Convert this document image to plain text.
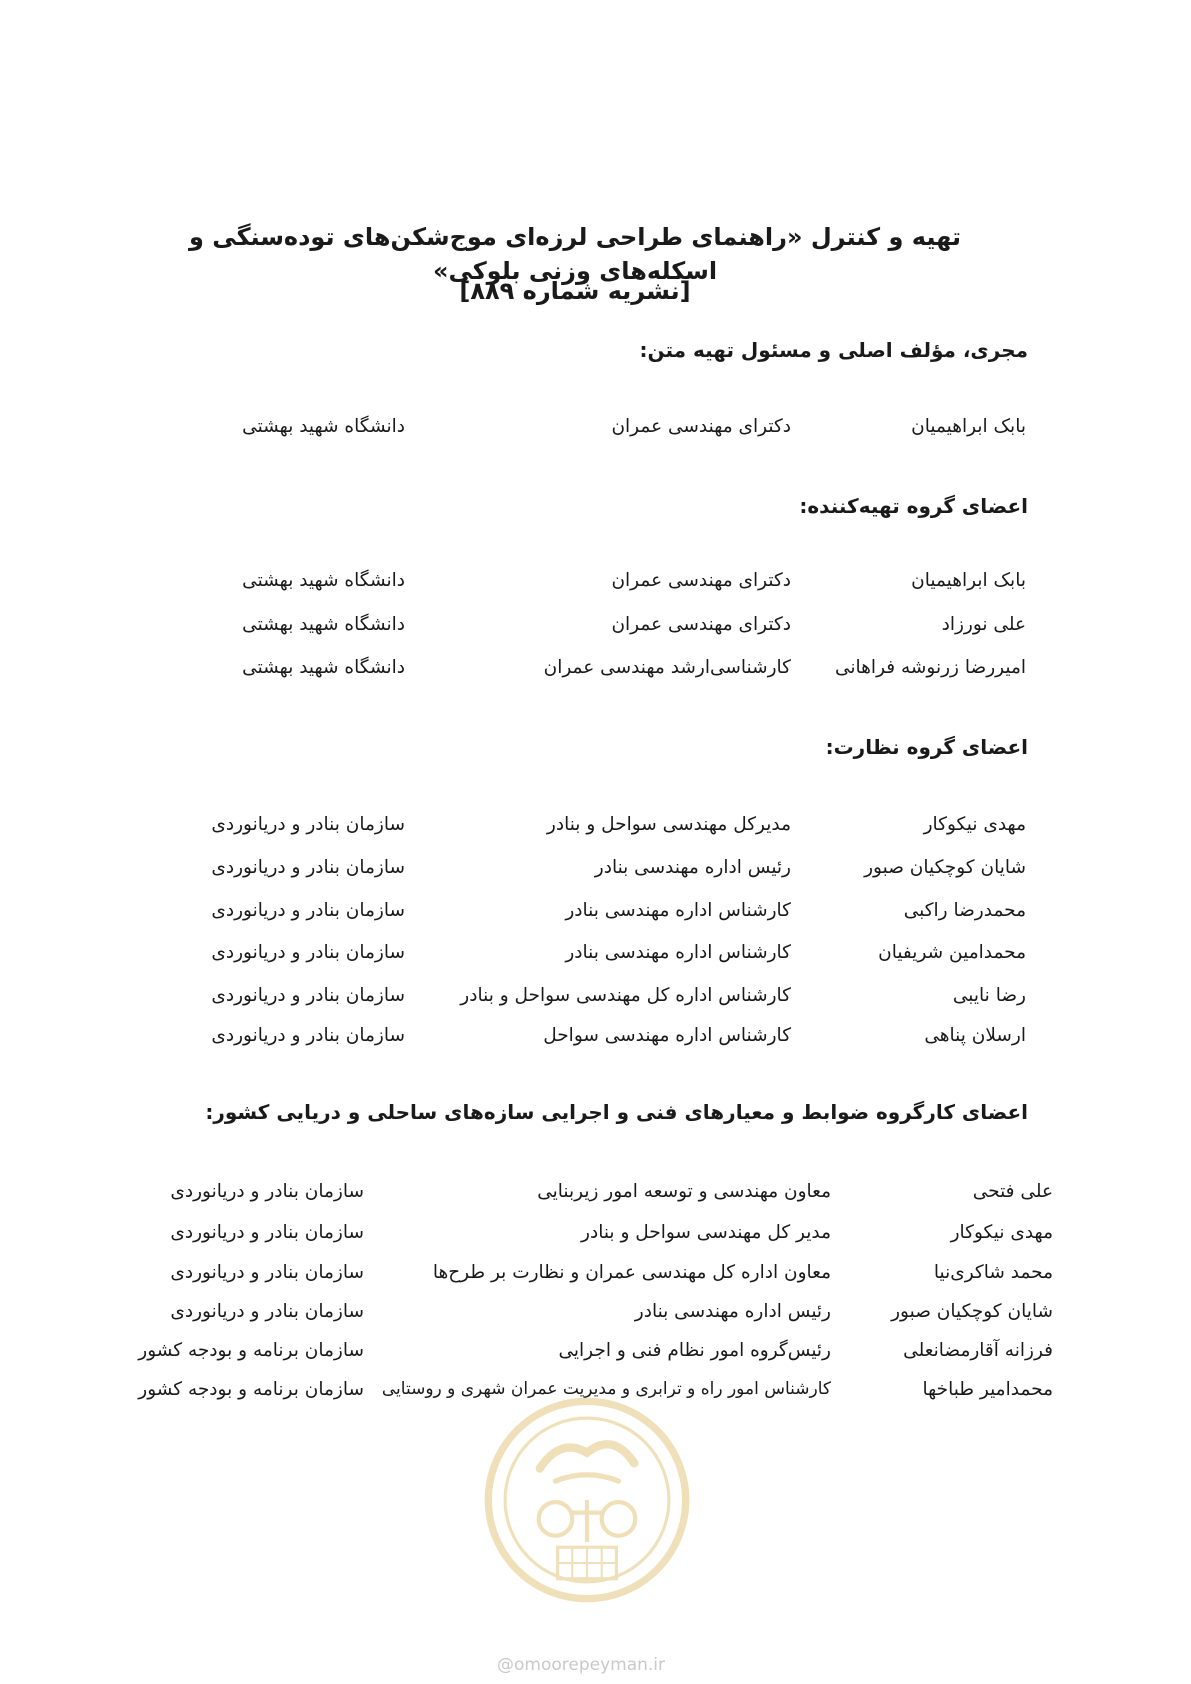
تهیه و کنترل «راهنمای طراحی لرزه‌ای موج‌شکن‌های توده‌سنگی و اسکله‌های وزنی بلوکی»
[نشریه شماره ۸۸۹]
مجری، مؤلف اصلی و مسئول تهیه متن:
بابک ابراهیمیان
دکترای مهندسی عمران
دانشگاه شهید بهشتی
اعضای گروه تهیه‌کننده:
بابک ابراهیمیان
دکترای مهندسی عمران
دانشگاه شهید بهشتی
علی نورزاد
دکترای مهندسی عمران
دانشگاه شهید بهشتی
امیررضا زرنوشه فراهانی
کارشناسی‌ارشد مهندسی عمران
دانشگاه شهید بهشتی
اعضای گروه نظارت:
مهدی نیکوکار
مدیرکل مهندسی سواحل و بنادر
سازمان بنادر و دریانوردی
شایان کوچکیان صبور
رئیس اداره مهندسی بنادر
سازمان بنادر و دریانوردی
محمدرضا راکبی
کارشناس اداره مهندسی بنادر
سازمان بنادر و دریانوردی
محمدامین شریفیان
کارشناس اداره مهندسی بنادر
سازمان بنادر و دریانوردی
رضا نایبی
کارشناس اداره کل مهندسی سواحل و بنادر
سازمان بنادر و دریانوردی
ارسلان پناهی
کارشناس اداره مهندسی سواحل
سازمان بنادر و دریانوردی
اعضای کارگروه ضوابط و معیارهای فنی و اجرایی سازه‌های ساحلی و دریایی کشور:
علی فتحی
معاون مهندسی و توسعه امور زیربنایی
سازمان بنادر و دریانوردی
مهدی نیکوکار
مدیر کل مهندسی سواحل و بنادر
سازمان بنادر و دریانوردی
محمد شاکری‌نیا
معاون اداره کل مهندسی عمران و نظارت بر طرح‌ها
سازمان بنادر و دریانوردی
شایان کوچکیان صبور
رئیس اداره مهندسی بنادر
سازمان بنادر و دریانوردی
فرزانه آقارمضانعلی
رئیس‌گروه امور نظام فنی و اجرایی
سازمان برنامه و بودجه کشور
محمدامیر طباخها
کارشناس امور راه و ترابری و مدیریت عمران شهری و روستایی
سازمان برنامه و بودجه کشور
@omoorepeyman.ir
